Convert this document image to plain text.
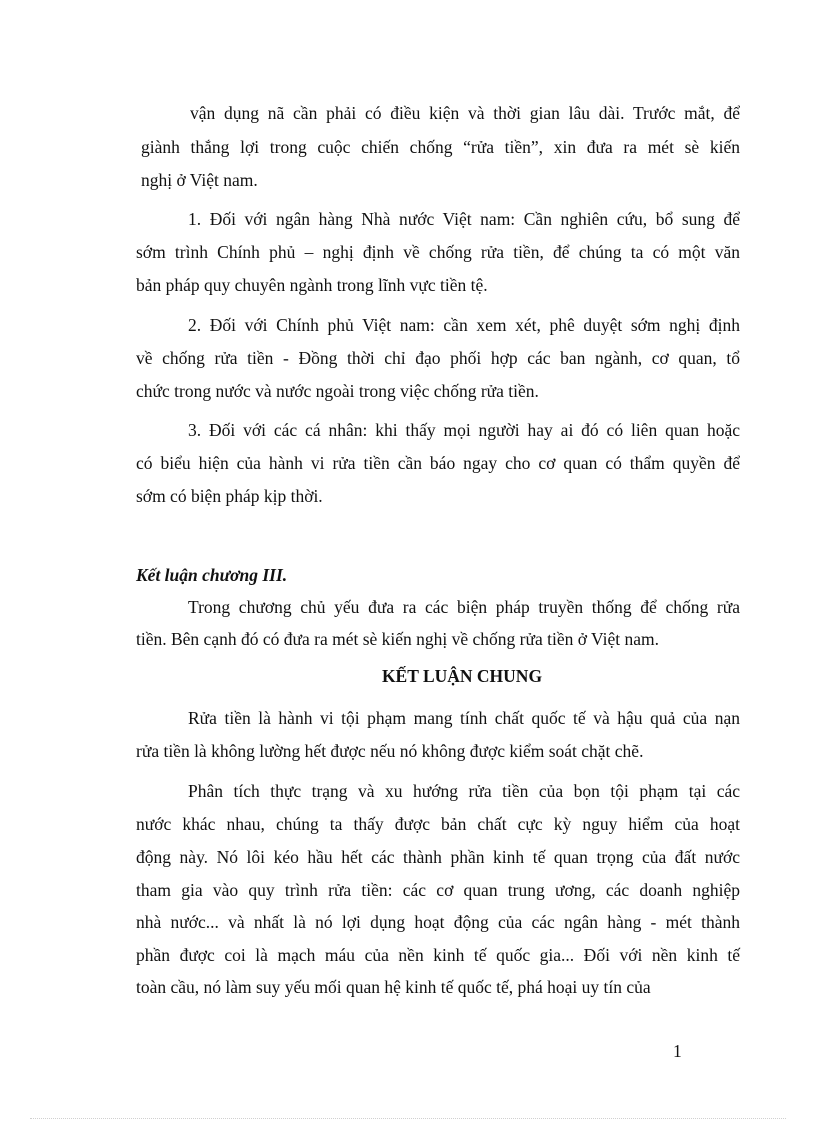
vận dụng nã cần phải có điều kiện và thời gian lâu dài. Trước mắt, để
giành thắng lợi trong cuộc chiến chống “rửa tiền”, xin đưa ra mét sè kiến
nghị ở Việt nam.
1. Đối với ngân hàng Nhà nước Việt nam: Cần nghiên cứu, bổ sung để
sớm trình Chính phủ – nghị định về chống rửa tiền, để chúng ta có một văn
bản pháp quy chuyên ngành trong lĩnh vực tiền tệ.
2. Đối với Chính phủ Việt nam: cần xem xét, phê duyệt sớm nghị định
về chống rửa tiền - Đồng thời chỉ đạo phối hợp các ban ngành, cơ quan, tổ
chức trong nước và nước ngoài trong việc chống rửa tiền.
3. Đối với các cá nhân: khi thấy mọi người hay ai đó có liên quan hoặc
có biểu hiện của hành vi rửa tiền cần báo ngay cho cơ quan có thẩm quyền để
sớm có biện pháp kịp thời.
Kết luận chương III.
Trong chương chủ yếu đưa ra các biện pháp truyền thống để chống rửa
tiền. Bên cạnh đó có đưa ra mét sè kiến nghị về chống rửa tiền ở Việt nam.
KẾT LUẬN CHUNG
Rửa tiền là hành vi tội phạm mang tính chất quốc tế và hậu quả của nạn
rửa tiền là không lường hết được nếu nó không được kiểm soát chặt chẽ.
Phân tích thực trạng và xu hướng rửa tiền của bọn tội phạm tại các
nước khác nhau, chúng ta thấy được bản chất cực kỳ nguy hiểm của hoạt
động này. Nó lôi kéo hầu hết các thành phần kinh tế quan trọng của đất nước
tham gia vào quy trình rửa tiền: các cơ quan trung ương, các doanh nghiệp
nhà nước... và nhất là nó lợi dụng hoạt động của các ngân hàng - mét thành
phần được coi là mạch máu của nền kinh tế quốc gia... Đối với nền kinh tế
toàn cầu, nó làm suy yếu mối quan hệ kinh tế quốc tế, phá hoại uy tín của
1
